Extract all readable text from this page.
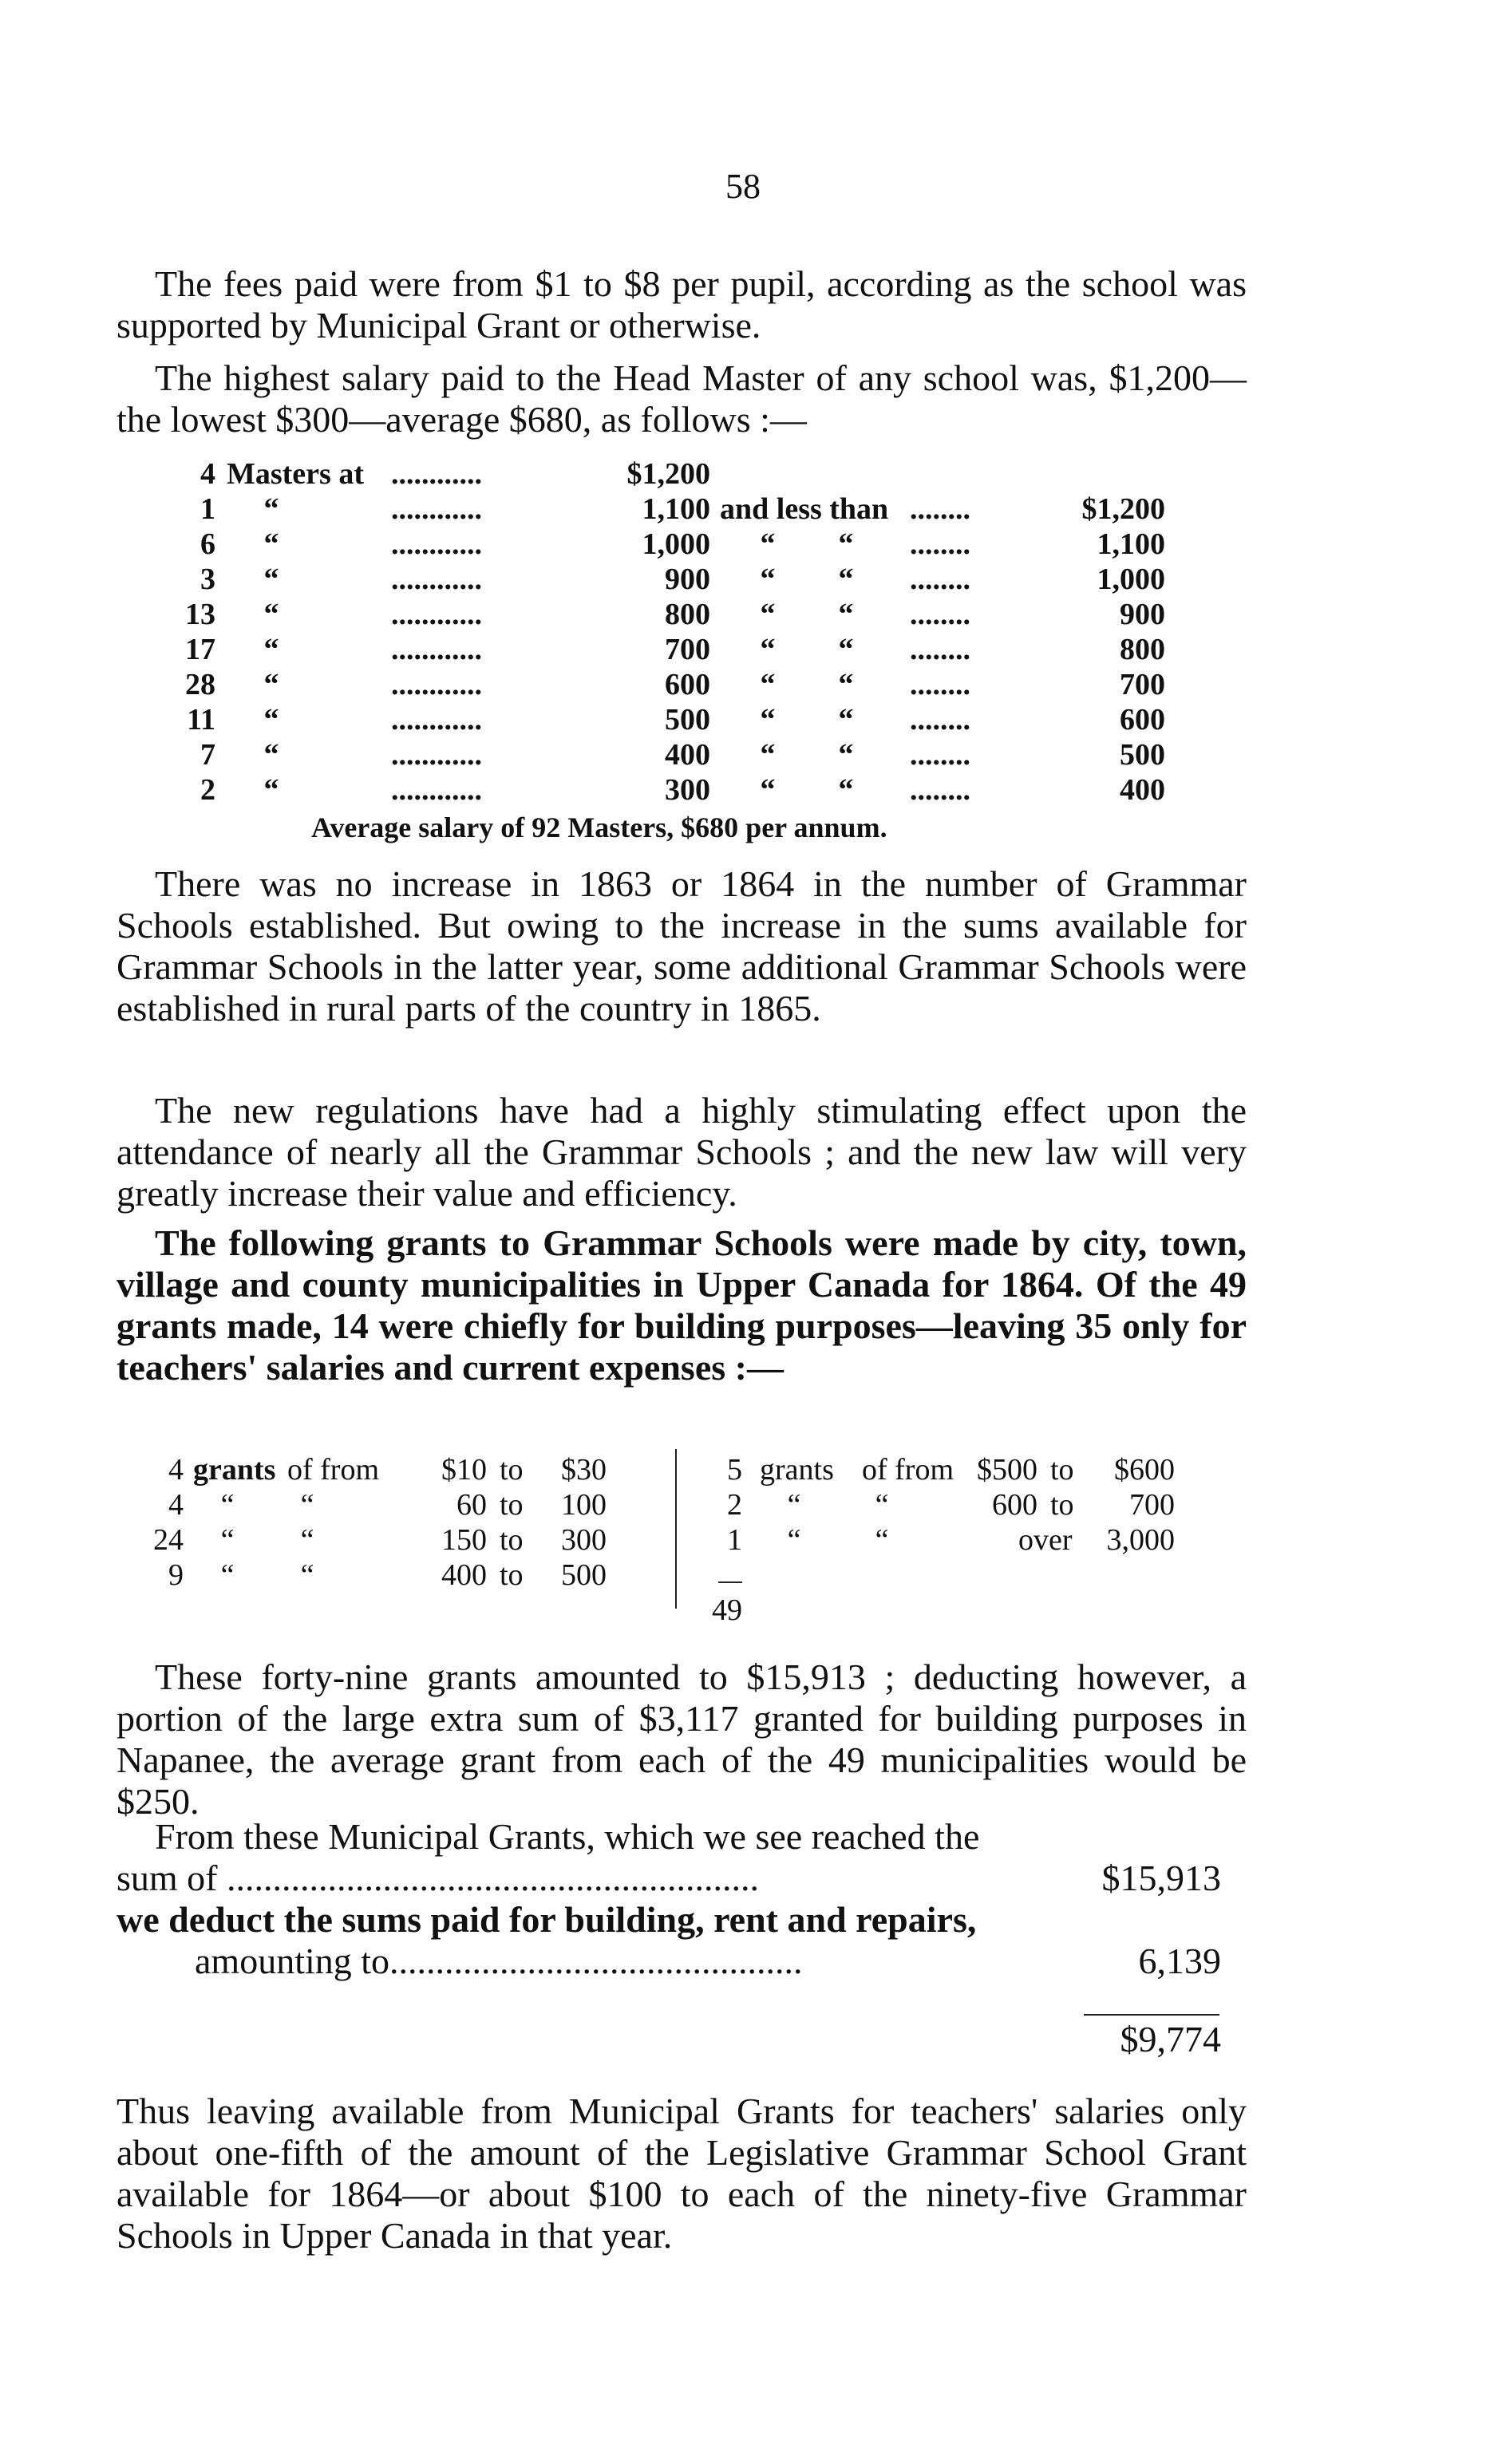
58
The fees paid were from $1 to $8 per pupil, according as the school was supported by Municipal Grant or otherwise.
The highest salary paid to the Head Master of any school was, $1,200—the lowest $300—average $680, as follows :—
4 Masters at ............	$1,200
1 “	............	1,100 and less than ........	$1,200
6 “	............	1,000 “ “ ........	1,100
3 “	............	900 “ “ ........	1,000
13 “	............	800 “ “ ........	900
17 “	............	700 “ “ ........	800
28 “	............	600 “ “ ........	700
11 “	............	500 “ “ ........	600
7 “	............	400 “ “ ........	500
2 “	............	300 “ “ ........	400
Average salary of 92 Masters, $680 per annum.
There was no increase in 1863 or 1864 in the number of Grammar Schools established. But owing to the increase in the sums available for Grammar Schools in the latter year, some additional Grammar Schools were established in rural parts of the country in 1865.
The new regulations have had a highly stimulating effect upon the attendance of nearly all the Grammar Schools ; and the new law will very greatly increase their value and efficiency.
The following grants to Grammar Schools were made by city, town, village and county municipalities in Upper Canada for 1864. Of the 49 grants made, 14 were chiefly for building purposes—leaving 35 only for teachers' salaries and current expenses :—
4 grants of from	$10 to	$30
4 “ “	60 to	100
24 “ “	150 to	300
9 “ “	400 to	500
5 grants of from $500 to	$600
2 “ “	600 to	700
1 “ “	over	3,000
49
These forty-nine grants amounted to $15,913 ; deducting however, a portion of the large extra sum of $3,117 granted for building purposes in Napanee, the average grant from each of the 49 municipalities would be $250.
From these Municipal Grants, which we see reached the
sum of ..........................................................	$15,913
we deduct the sums paid for building, rent and repairs,
amounting to.............................................	6,139
$9,774
Thus leaving available from Municipal Grants for teachers' salaries only about one-fifth of the amount of the Legislative Grammar School Grant available for 1864—or about $100 to each of the ninety-five Grammar Schools in Upper Canada in that year.
